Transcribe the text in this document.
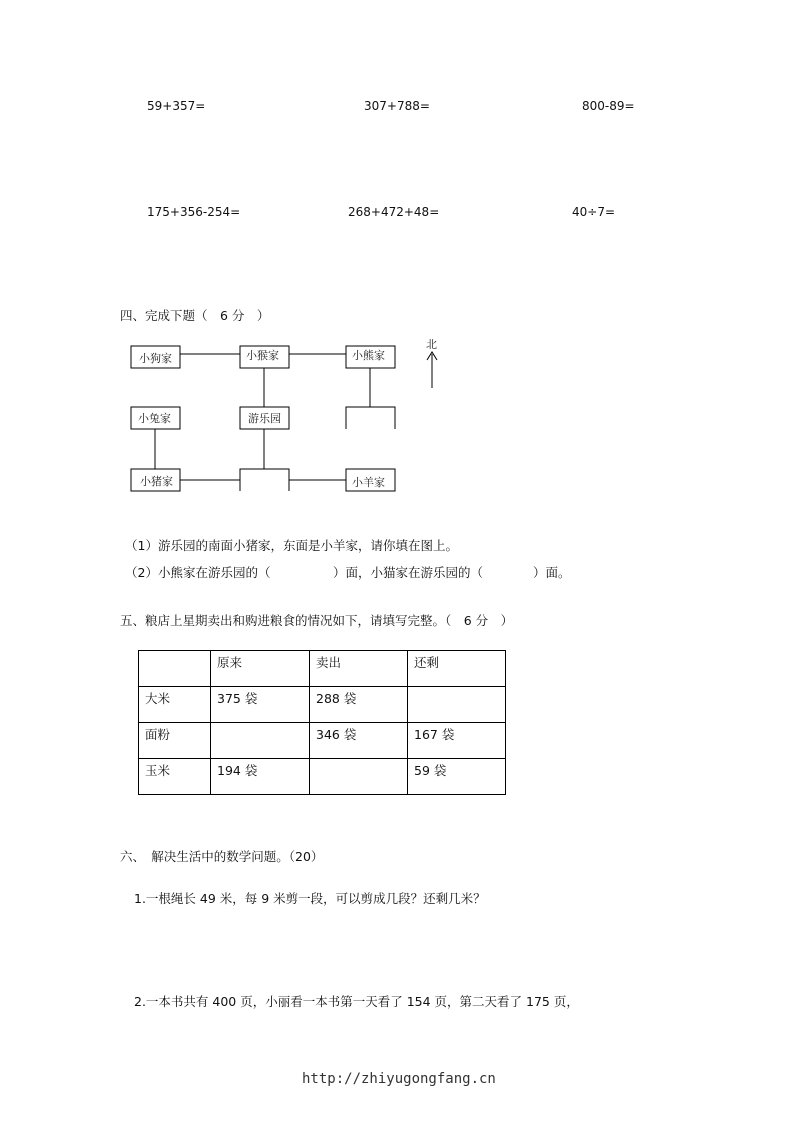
59+357=	307+788=	800-89=
175+356-254=	268+472+48=	40÷7=
四、完成下题（　6 分　）
小狗家	小猴家	小熊家
小兔家	游乐园
小猪家	小羊家
北
（1）游乐园的南面小猪家，东面是小羊家，请你填在图上。
（2）小熊家在游乐园的（　　　　　）面，小猫家在游乐园的（　　　　）面。
五、粮店上星期卖出和购进粮食的情况如下，请填写完整。（　6 分　）
	原来	卖出	还剩
大米	375 袋	288 袋	
面粉		346 袋	167 袋
玉米	194 袋		59 袋
六、　解决生活中的数学问题。（20）
1.一根绳长 49 米，每 9 米剪一段，可以剪成几段？还剩几米？
2.一本书共有 400 页，小丽看一本书第一天看了 154 页，第二天看了 175 页，
http://zhiyugongfang.cn
